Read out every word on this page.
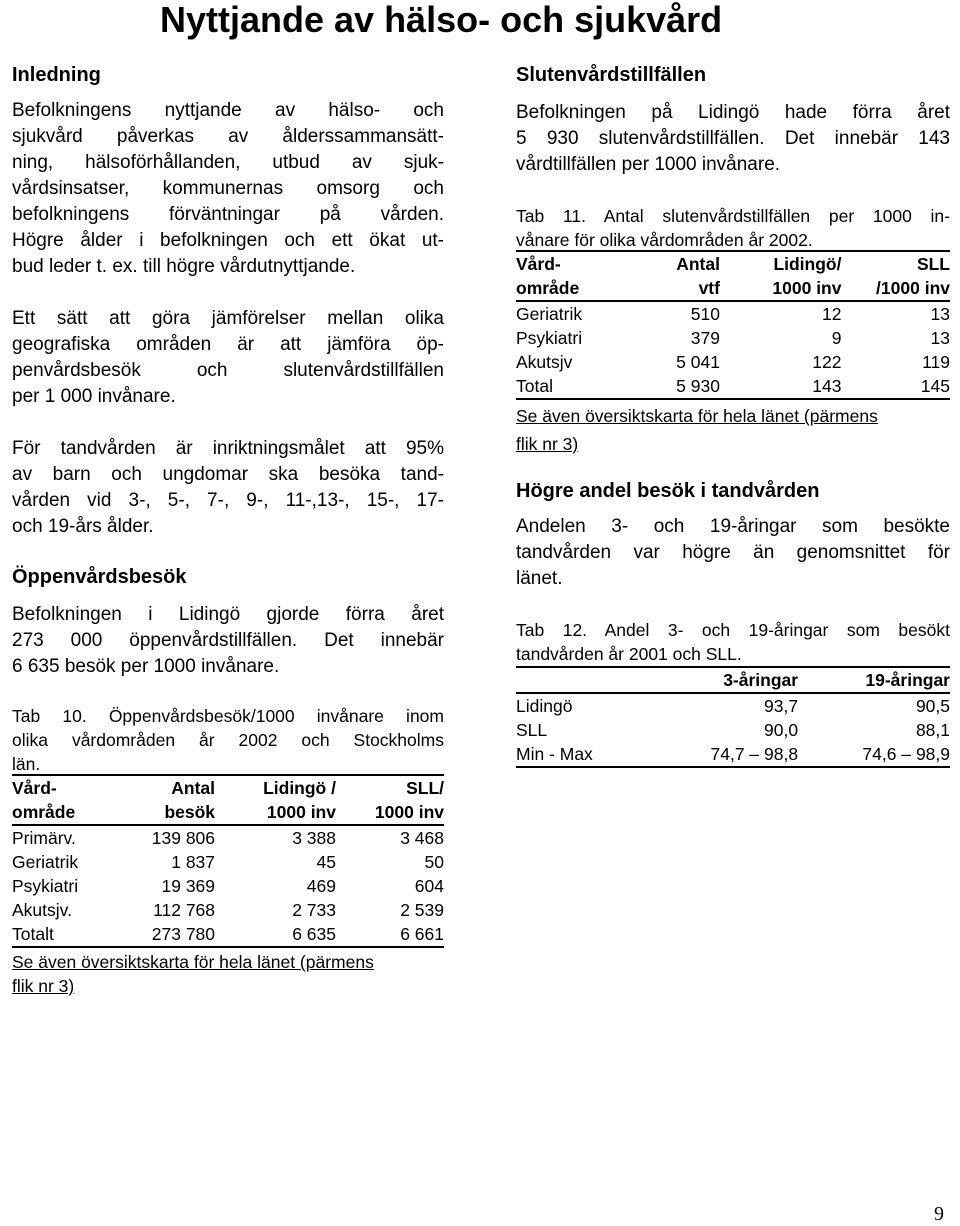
Nyttjande av hälso- och sjukvård
Inledning

Befolkningens nyttjande av hälso- och
sjukvård påverkas av ålderssammansätt-
ning, hälsoförhållanden, utbud av sjuk-
vårdsinsatser, kommunernas omsorg och
befolkningens förväntningar på vården.
Högre ålder i befolkningen och ett ökat ut-
bud leder t. ex. till högre vårdutnyttjande.

Ett sätt att göra jämförelser mellan olika
geografiska områden är att jämföra öp-
penvårdsbesök och slutenvårdstillfällen
per 1 000 invånare.

För tandvården är inriktningsmålet att 95%
av barn och ungdomar ska besöka tand-
vården vid 3-, 5-, 7-, 9-, 11-,13-, 15-, 17-
och 19-års ålder.

Öppenvårdsbesök

Befolkningen i Lidingö gjorde förra året
273 000 öppenvårdstillfällen. Det innebär
6 635 besök per 1000 invånare.

Tab 10. Öppenvårdsbesök/1000 invånare inom
olika vårdområden år 2002 och Stockholms
län.

Vård-	Antal	Lidingö /	SLL/
område	besök	1000 inv	1000 inv
Primärv.	139 806	3 388	3 468
Geriatrik	1 837	45	50
Psykiatri	19 369	469	604
Akutsjv.	112 768	2 733	2 539
Totalt	273 780	6 635	6 661

Se även översiktskarta för hela länet (pärmens
flik nr 3)

Slutenvårdstillfällen

Befolkningen på Lidingö hade förra året
5 930 slutenvårdstillfällen. Det innebär 143
vårdtillfällen per 1000 invånare.

Tab 11. Antal slutenvårdstillfällen per 1000 in-
vånare för olika vårdområden år 2002.

Vård-	Antal	Lidingö/	SLL
område	vtf	1000 inv	/1000 inv
Geriatrik	510	12	13
Psykiatri	379	9	13
Akutsjv	5 041	122	119
Total	5 930	143	145

Se även översiktskarta för hela länet (pärmens
flik nr 3)

Högre andel besök i tandvården

Andelen 3- och 19-åringar som besökte
tandvården var högre än genomsnittet för
länet.

Tab 12. Andel 3- och 19-åringar som besökt
tandvården år 2001 och SLL.

	3-åringar	19-åringar
Lidingö	93,7	90,5
SLL	90,0	88,1
Min - Max	74,7 – 98,8	74,6 – 98,9
9
